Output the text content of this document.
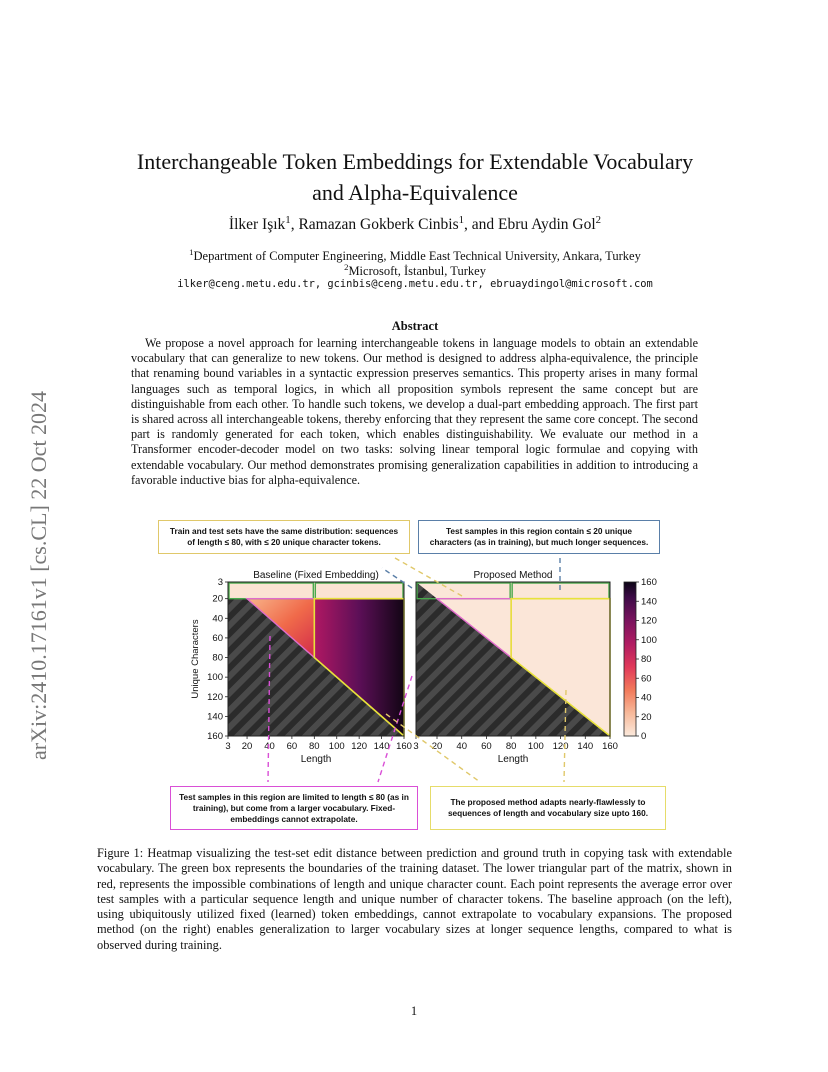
arXiv:2410.17161v1 [cs.CL] 22 Oct 2024
Interchangeable Token Embeddings for Extendable Vocabulary
and Alpha-Equivalence
İlker Işık$^1$, Ramazan Gokberk Cinbis$^1$, and Ebru Aydin Gol$^2$
$^1$Department of Computer Engineering, Middle East Technical University, Ankara, Turkey
$^2$Microsoft, İstanbul, Turkey
ilker@ceng.metu.edu.tr, gcinbis@ceng.metu.edu.tr, ebruaydingol@microsoft.com
Abstract
We propose a novel approach for learning interchangeable tokens in language models to obtain an extendable vocabulary that can generalize to new tokens. Our method is designed to address alpha-equivalence, the principle that renaming bound variables in a syntactic expression preserves semantics. This property arises in many formal languages such as temporal logics, in which all proposition symbols represent the same concept but are distinguishable from each other. To handle such tokens, we develop a dual-part embedding approach. The first part is shared across all interchangeable tokens, thereby enforcing that they represent the same core concept. The second part is randomly generated for each token, which enables distinguishability. We evaluate our method in a Transformer encoder-decoder model on two tasks: solving linear temporal logic formulae and copying with extendable vocabulary. Our method demonstrates promising generalization capabilities in addition to introducing a favorable inductive bias for alpha-equivalence.
Baseline (Fixed Embedding)
3 20 40 60 80 100 120 140 160
Length
3
20
40
60
80
100
120
140
160
Unique Characters
Proposed Method
3 20 40 60 80 100 120 140 160
Length
0
20
40
60
80
100
120
140
160
Train and test sets have the same distribution: sequences of length ≤ 80, with ≤ 20 unique character tokens.
Test samples in this region contain ≤ 20 unique characters (as in training), but much longer sequences.
Test samples in this region are limited to length ≤ 80 (as in training), but come from a larger vocabulary. Fixed-embeddings cannot extrapolate.
The proposed method adapts nearly-flawlessly to sequences of length and vocabulary size upto 160.
Figure 1: Heatmap visualizing the test-set edit distance between prediction and ground truth in copying task with extendable vocabulary. The green box represents the boundaries of the training dataset. The lower triangular part of the matrix, shown in red, represents the impossible combinations of length and unique character count. Each point represents the average error over test samples with a particular sequence length and unique number of character tokens. The baseline approach (on the left), using ubiquitously utilized fixed (learned) token embeddings, cannot extrapolate to vocabulary expansions. The proposed method (on the right) enables generalization to larger vocabulary sizes at longer sequence lengths, compared to what is observed during training.
1
